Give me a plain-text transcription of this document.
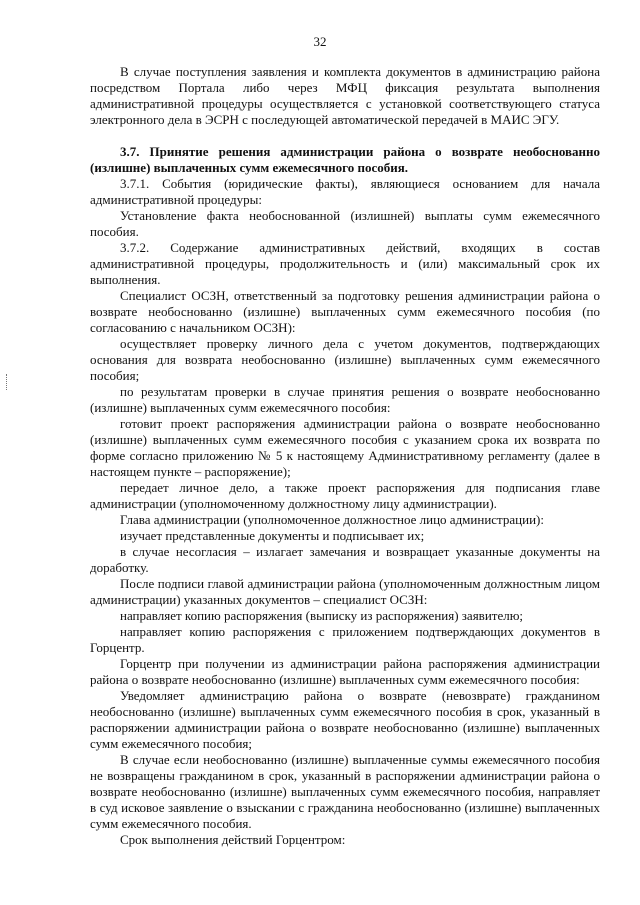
32

В случае поступления заявления и комплекта документов в администрацию района посредством Портала либо через МФЦ фиксация результата выполнения административной процедуры осуществляется с установкой соответствующего статуса электронного дела в ЭСРН с последующей автоматической передачей в МАИС ЭГУ.

3.7. Принятие решения администрации района о возврате необоснованно (излишне) выплаченных сумм ежемесячного пособия.

3.7.1. События (юридические факты), являющиеся основанием для начала административной процедуры:

Установление факта необоснованной (излишней) выплаты сумм ежемесячного пособия.

3.7.2. Содержание административных действий, входящих в состав административной процедуры, продолжительность и (или) максимальный срок их выполнения.

Специалист ОСЗН, ответственный за подготовку решения администрации района о возврате необоснованно (излишне) выплаченных сумм ежемесячного пособия (по согласованию с начальником ОСЗН):

осуществляет проверку личного дела с учетом документов, подтверждающих основания для возврата необоснованно (излишне) выплаченных сумм ежемесячного пособия;

по результатам проверки в случае принятия решения о возврате необоснованно (излишне) выплаченных сумм ежемесячного пособия:

готовит проект распоряжения администрации района о возврате необоснованно (излишне) выплаченных сумм ежемесячного пособия с указанием срока их возврата по форме согласно приложению № 5 к настоящему Административному регламенту (далее в настоящем пункте – распоряжение);

передает личное дело, а также проект распоряжения для подписания главе администрации (уполномоченному должностному лицу администрации).

Глава администрации (уполномоченное должностное лицо администрации):

изучает представленные документы и подписывает их;

в случае несогласия – излагает замечания и возвращает указанные документы на доработку.

После подписи главой администрации района (уполномоченным должностным лицом администрации) указанных документов – специалист ОСЗН:

направляет копию распоряжения (выписку из распоряжения) заявителю;

направляет копию распоряжения с приложением подтверждающих документов в Горцентр.

Горцентр при получении из администрации района распоряжения администрации района о возврате необоснованно (излишне) выплаченных сумм ежемесячного пособия:

Уведомляет администрацию района о возврате (невозврате) гражданином необоснованно (излишне) выплаченных сумм ежемесячного пособия в срок, указанный в распоряжении администрации района о возврате необоснованно (излишне) выплаченных сумм ежемесячного пособия;

В случае если необоснованно (излишне) выплаченные суммы ежемесячного пособия не возвращены гражданином в срок, указанный в распоряжении администрации района о возврате необоснованно (излишне) выплаченных сумм ежемесячного пособия, направляет в суд исковое заявление о взыскании с гражданина необоснованно (излишне) выплаченных сумм ежемесячного пособия.

Срок выполнения действий Горцентром:
